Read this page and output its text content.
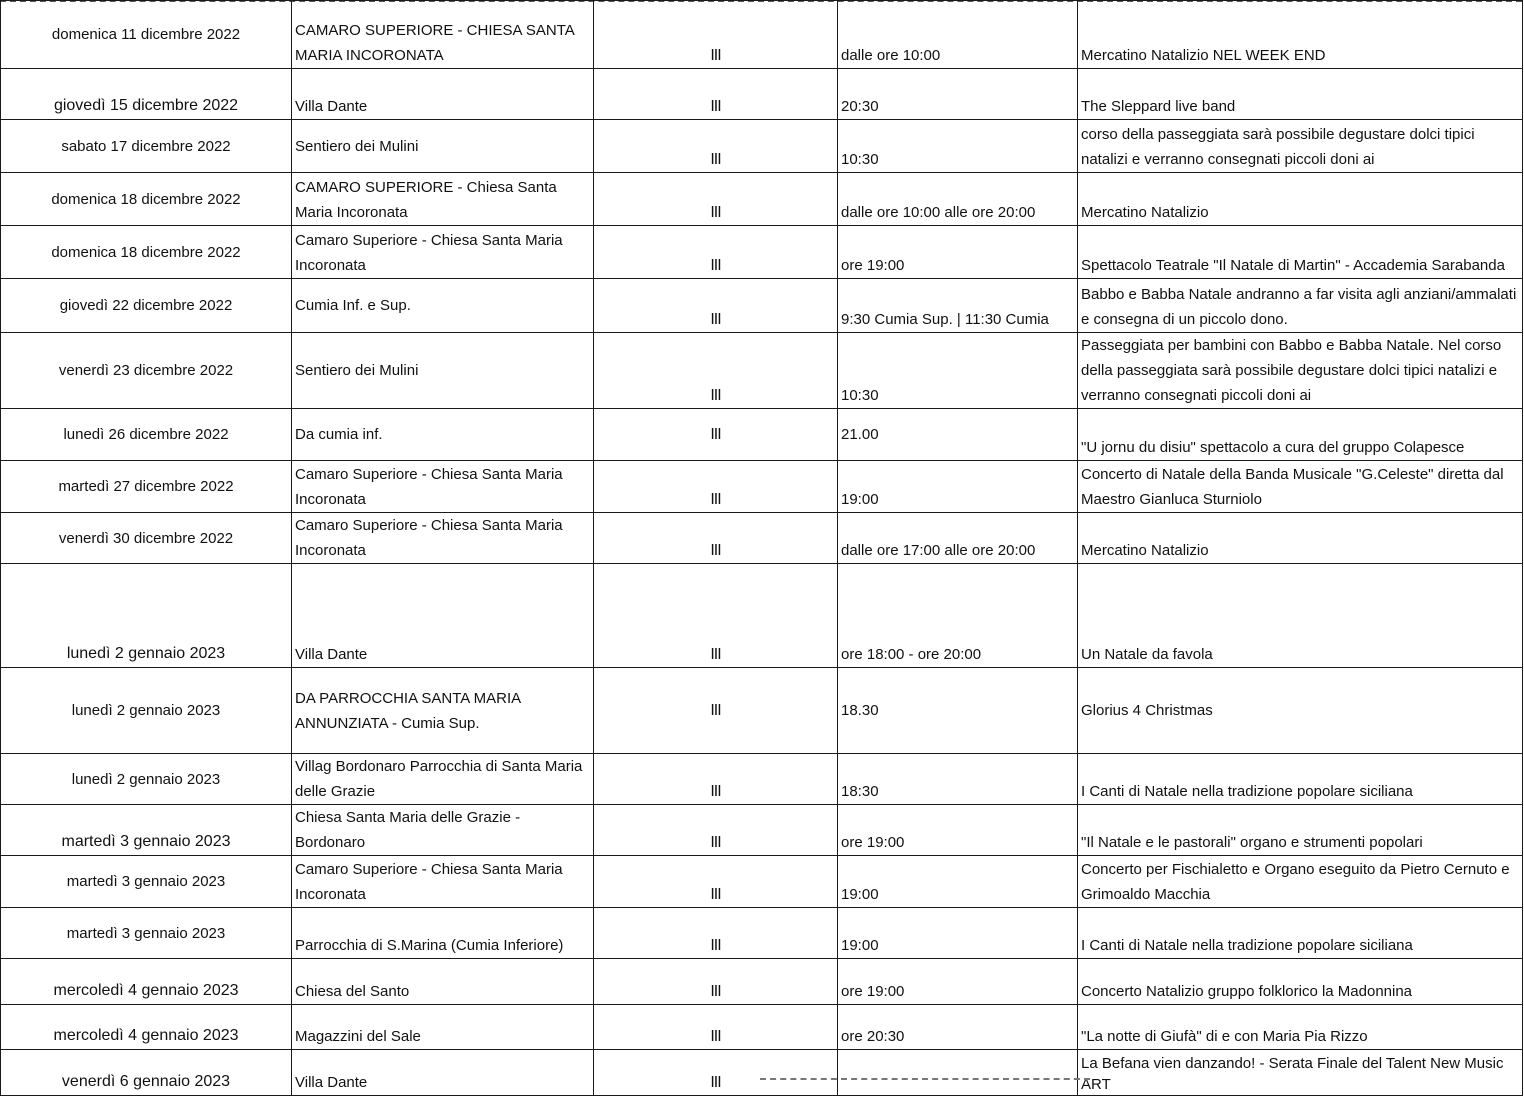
domenica 11 dicembre 2022	CAMARO SUPERIORE - CHIESA SANTA MARIA INCORONATA	III	dalle ore 10:00	Mercatino Natalizio NEL WEEK END
giovedì 15 dicembre 2022	Villa Dante	III	20:30	The Sleppard live band
sabato 17 dicembre 2022	Sentiero dei Mulini	III	10:30	corso della passeggiata sarà possibile degustare dolci tipici natalizi e verranno consegnati piccoli doni ai
domenica 18 dicembre 2022	CAMARO SUPERIORE - Chiesa Santa Maria Incoronata	III	dalle ore 10:00 alle ore 20:00	Mercatino Natalizio
domenica 18 dicembre 2022	Camaro Superiore - Chiesa Santa Maria Incoronata	III	ore 19:00	Spettacolo Teatrale "Il Natale di Martin" - Accademia Sarabanda
giovedì 22 dicembre 2022	Cumia Inf. e Sup.	III	9:30 Cumia Sup. | 11:30 Cumia	Babbo e Babba Natale andranno a far visita agli anziani/ammalati e consegna di un piccolo dono.
venerdì 23 dicembre 2022	Sentiero dei Mulini	III	10:30	Passeggiata per bambini con Babbo e Babba Natale. Nel corso della passeggiata sarà possibile degustare dolci tipici natalizi e verranno consegnati piccoli doni ai
lunedì 26 dicembre 2022	Da cumia inf.	III	21.00	"U jornu du disiu" spettacolo a cura del gruppo Colapesce
martedì 27 dicembre 2022	Camaro Superiore - Chiesa Santa Maria Incoronata	III	19:00	Concerto di Natale della Banda Musicale "G.Celeste" diretta dal Maestro Gianluca Sturniolo
venerdì 30 dicembre 2022	Camaro Superiore - Chiesa Santa Maria Incoronata	III	dalle ore 17:00 alle ore 20:00	Mercatino Natalizio
lunedì 2 gennaio 2023	Villa Dante	III	ore 18:00 - ore 20:00	Un Natale da favola
lunedì 2 gennaio 2023	DA PARROCCHIA SANTA MARIA ANNUNZIATA - Cumia Sup.	III	18.30	Glorius 4 Christmas
lunedì 2 gennaio 2023	Villag Bordonaro Parrocchia di Santa Maria delle Grazie	III	18:30	I Canti di Natale nella tradizione popolare siciliana
martedì 3 gennaio 2023	Chiesa Santa Maria delle Grazie - Bordonaro	III	ore 19:00	"Il Natale e le pastorali" organo e strumenti popolari
martedì 3 gennaio 2023	Camaro Superiore - Chiesa Santa Maria Incoronata	III	19:00	Concerto per Fischialetto e Organo eseguito da Pietro Cernuto e Grimoaldo Macchia
martedì 3 gennaio 2023	Parrocchia di S.Marina (Cumia Inferiore)	III	19:00	I Canti di Natale nella tradizione popolare siciliana
mercoledì 4 gennaio 2023	Chiesa del Santo	III	ore 19:00	Concerto Natalizio gruppo folklorico la Madonnina
mercoledì 4 gennaio 2023	Magazzini del Sale	III	ore 20:30	"La notte di Giufà" di e con Maria Pia Rizzo
venerdì 6 gennaio 2023	Villa Dante	III		La Befana vien danzando! - Serata Finale del Talent New Music ART
